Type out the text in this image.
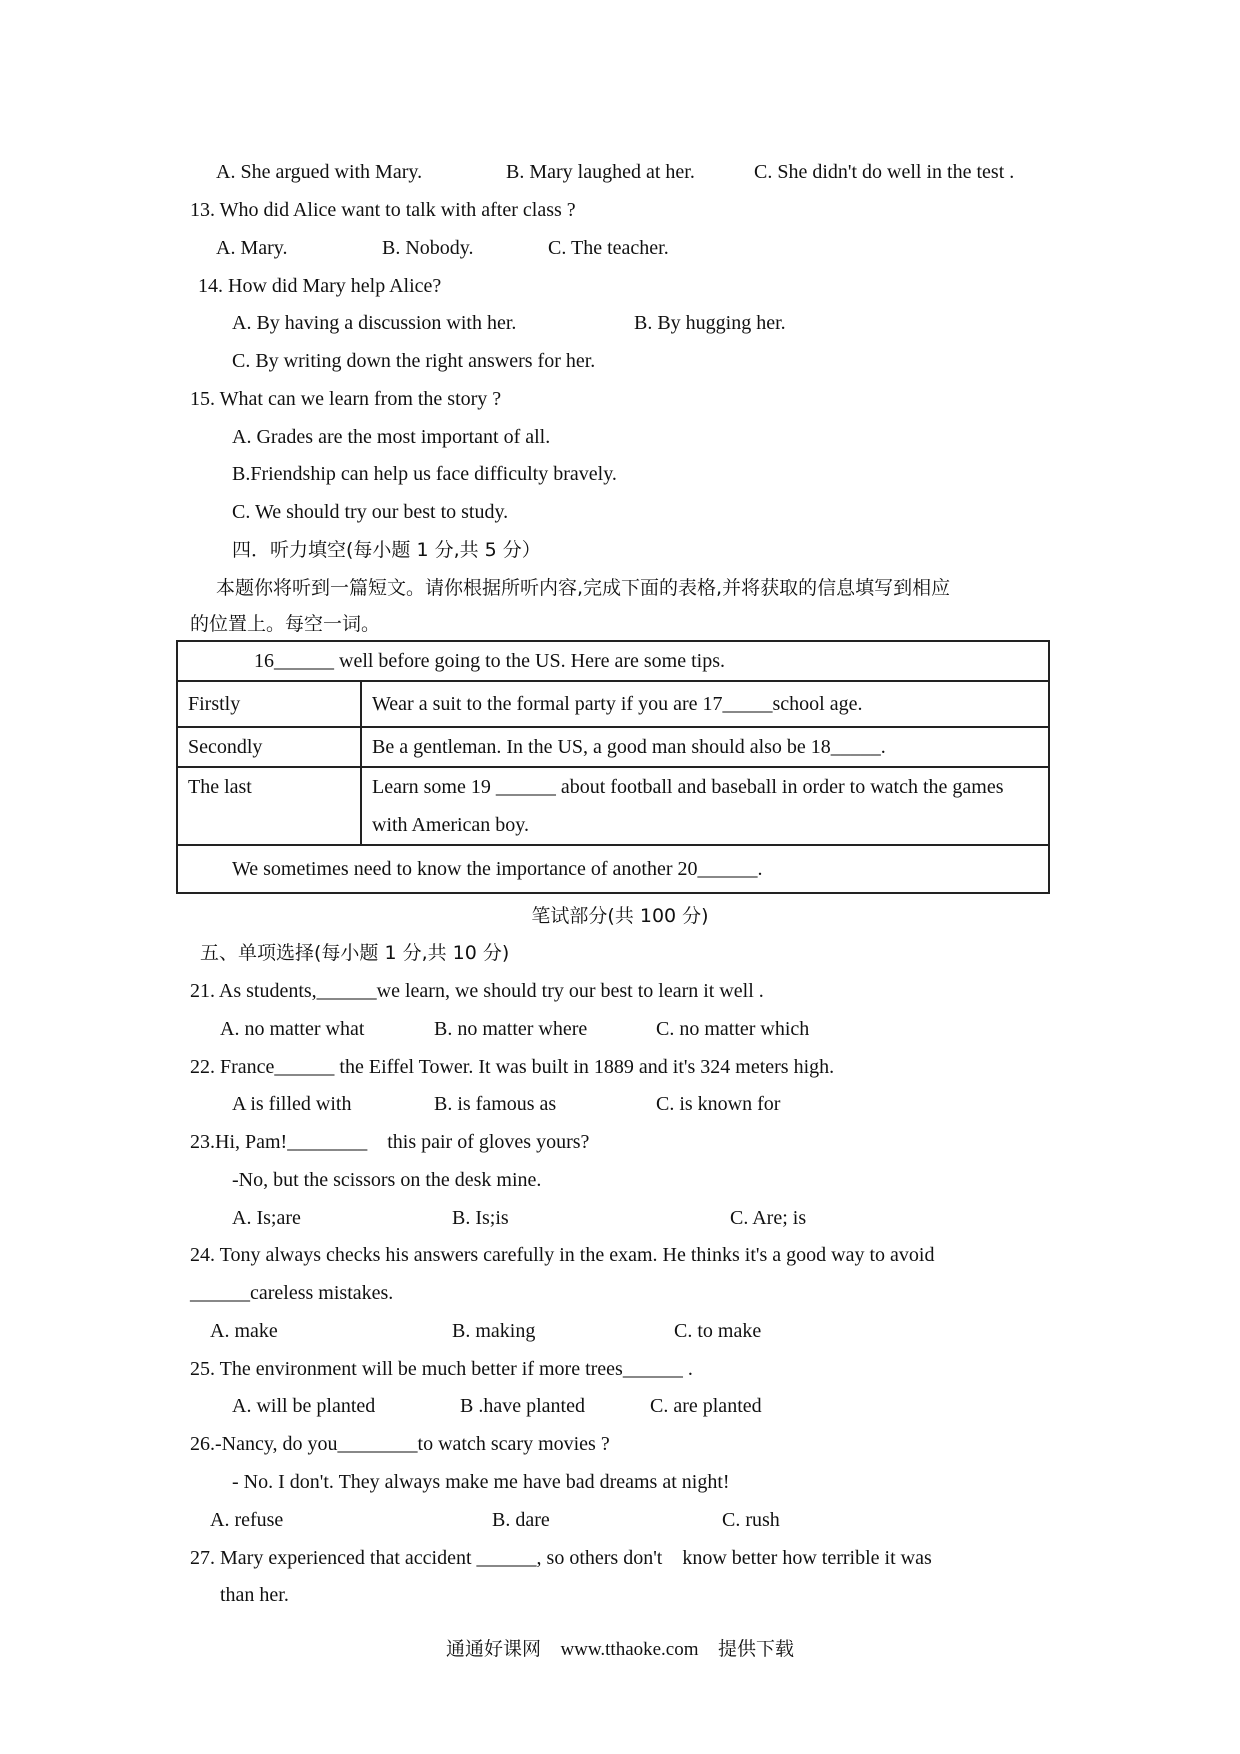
A. She argued with Mary.	B. Mary laughed at her.	C. She didn't do well in the test .
13. Who did Alice want to talk with after class ?
A. Mary.	B. Nobody.	C. The teacher.
14. How did Mary help Alice?
A. By having a discussion with her.	B. By hugging her.
C. By writing down the right answers for her.
15. What can we learn from the story ?
A. Grades are the most important of all.
B.Friendship can help us face difficulty bravely.
C. We should try our best to study.
四．听力填空(每小题 1 分,共 5 分）
本题你将听到一篇短文。请你根据所听内容,完成下面的表格,并将获取的信息填写到相应
的位置上。每空一词。
16______ well before going to the US. Here are some tips.	
Firstly	Wear a suit to the formal party if you are 17_____school age.
Secondly	Be a gentleman. In the US, a good man should also be 18_____.
The last	Learn some 19 ______ about football and baseball in order to watch the games with American boy.
We sometimes need to know the importance of another 20______.	
笔试部分(共 100 分)
五、单项选择(每小题 1 分,共 10 分)
21. As students,______we learn, we should try our best to learn it well .
A. no matter what	B. no matter where	C. no matter which
22. France______ the Eiffel Tower. It was built in 1889 and it's 324 meters high.
A is filled with	B. is famous as	C. is known for
23.Hi, Pam!________    this pair of gloves yours?
-No, but the scissors on the desk mine.
A. Is;are	B. Is;is	C. Are; is
24. Tony always checks his answers carefully in the exam. He thinks it's a good way to avoid
______careless mistakes.
A. make	B. making	C. to make
25. The environment will be much better if more trees______ .
A. will be planted	B .have planted	C. are planted
26.-Nancy, do you________to watch scary movies ?
- No. I don't. They always make me have bad dreams at night!
A. refuse	B. dare	C. rush
27. Mary experienced that accident ______, so others don't    know better how terrible it was
than her.
通通好课网 www.tthaoke.com 提供下载
